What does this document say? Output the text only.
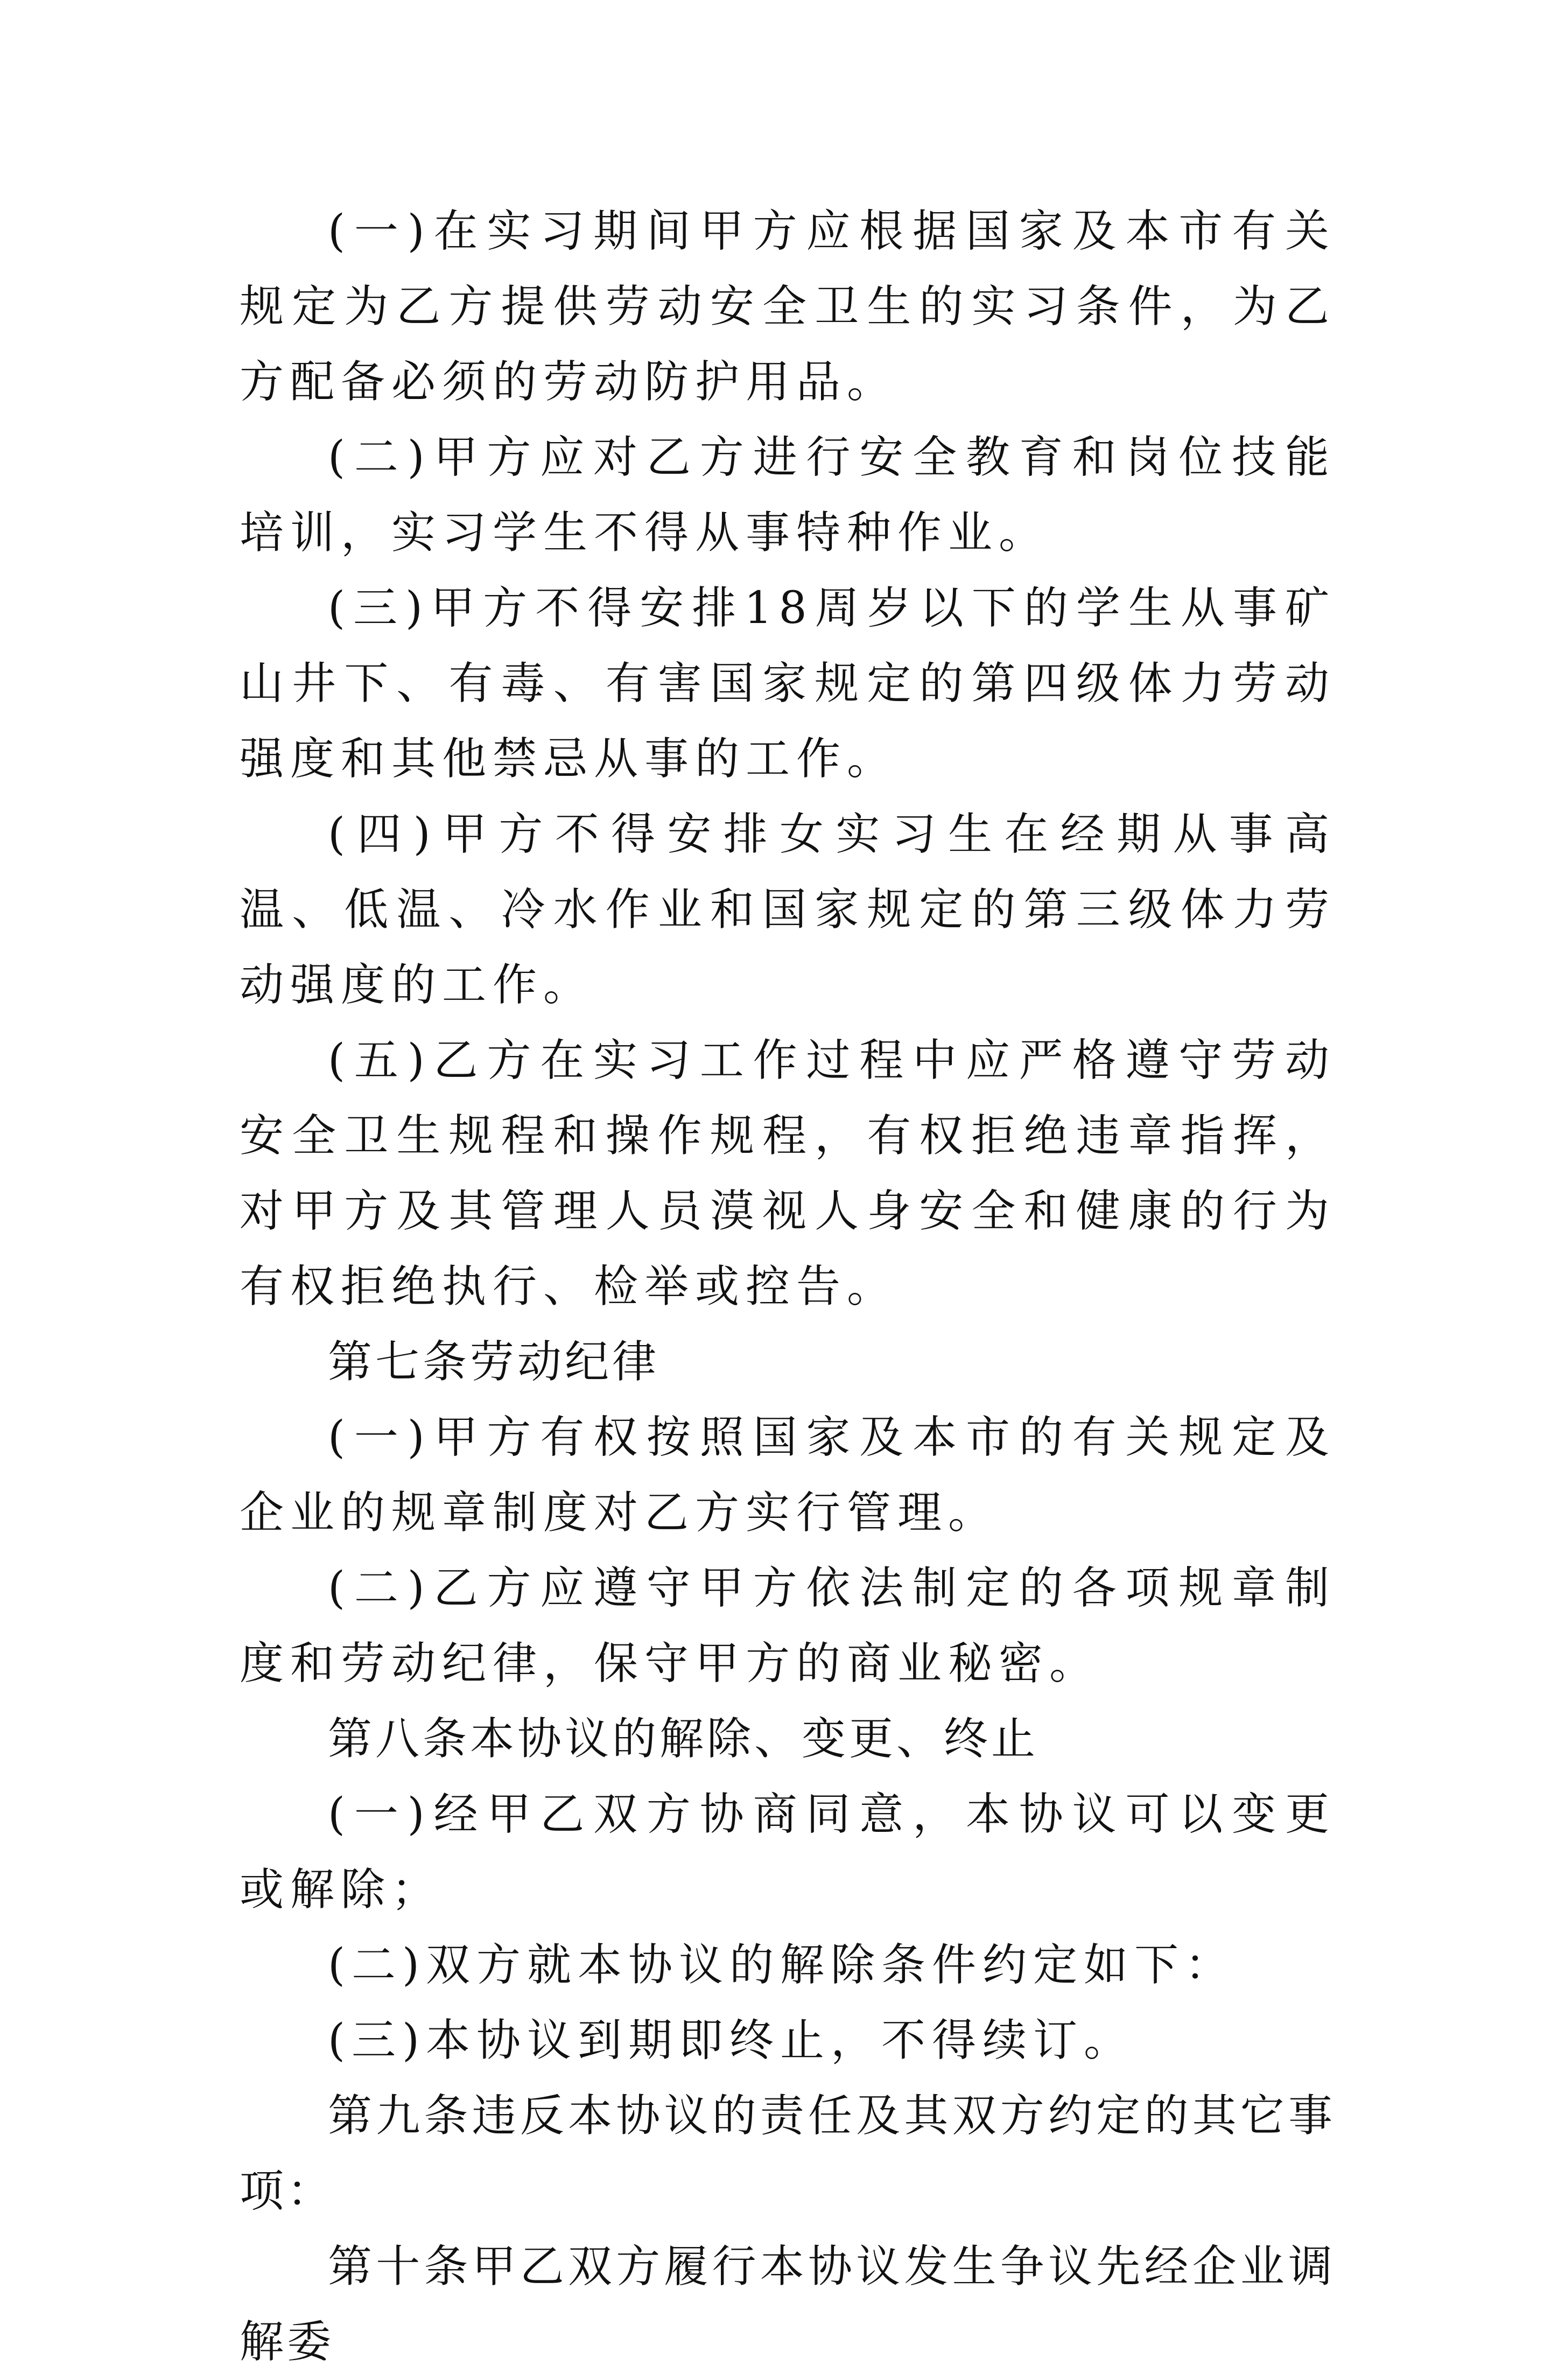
(一)在实习期间甲方应根据国家及本市有关规定为乙方提供劳动安全卫生的实习条件，为乙方配备必须的劳动防护用品。

(二)甲方应对乙方进行安全教育和岗位技能培训，实习学生不得从事特种作业。

(三)甲方不得安排18周岁以下的学生从事矿山井下、有毒、有害国家规定的第四级体力劳动强度和其他禁忌从事的工作。

(四)甲方不得安排女实习生在经期从事高温、低温、冷水作业和国家规定的第三级体力劳动强度的工作。

(五)乙方在实习工作过程中应严格遵守劳动安全卫生规程和操作规程，有权拒绝违章指挥，对甲方及其管理人员漠视人身安全和健康的行为有权拒绝执行、检举或控告。

第七条劳动纪律

(一)甲方有权按照国家及本市的有关规定及企业的规章制度对乙方实行管理。

(二)乙方应遵守甲方依法制定的各项规章制度和劳动纪律，保守甲方的商业秘密。

第八条本协议的解除、变更、终止

(一)经甲乙双方协商同意，本协议可以变更或解除；

(二)双方就本协议的解除条件约定如下：

(三)本协议到期即终止，不得续订。

第九条违反本协议的责任及其双方约定的其它事项：

第十条甲乙双方履行本协议发生争议先经企业调解委
